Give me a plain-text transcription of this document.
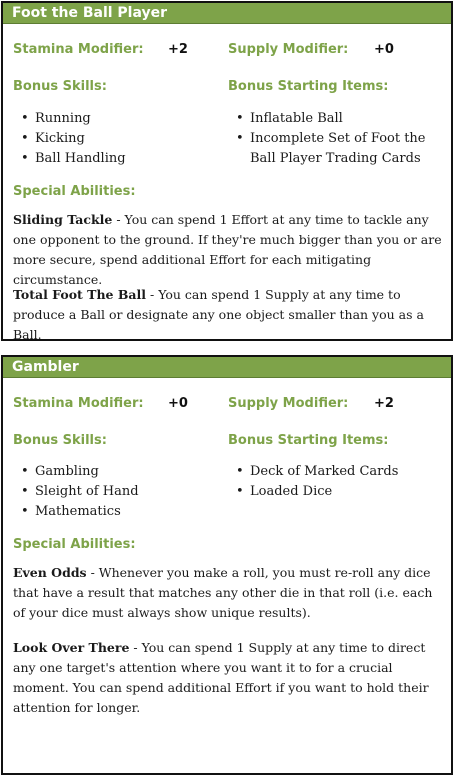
Foot the Ball Player
Stamina Modifier: +2	Supply Modifier: +0
Bonus Skills:	Bonus Starting Items:
• Running
• Kicking
• Ball Handling
• Inflatable Ball
• Incomplete Set of Foot the Ball Player Trading Cards
Special Abilities:

Sliding Tackle - You can spend 1 Effort at any time to tackle any one opponent to the ground. If they're much bigger than you or are more secure, spend additional Effort for each mitigating circumstance.

Total Foot The Ball - You can spend 1 Supply at any time to produce a Ball or designate any one object smaller than you as a Ball.

Gambler
Stamina Modifier: +0	Supply Modifier: +2
Bonus Skills:	Bonus Starting Items:
• Gambling
• Sleight of Hand
• Mathematics
• Deck of Marked Cards
• Loaded Dice
Special Abilities:

Even Odds - Whenever you make a roll, you must re-roll any dice that have a result that matches any other die in that roll (i.e. each of your dice must always show unique results).

Look Over There - You can spend 1 Supply at any time to direct any one target's attention where you want it to for a crucial moment. You can spend additional Effort if you want to hold their attention for longer.
